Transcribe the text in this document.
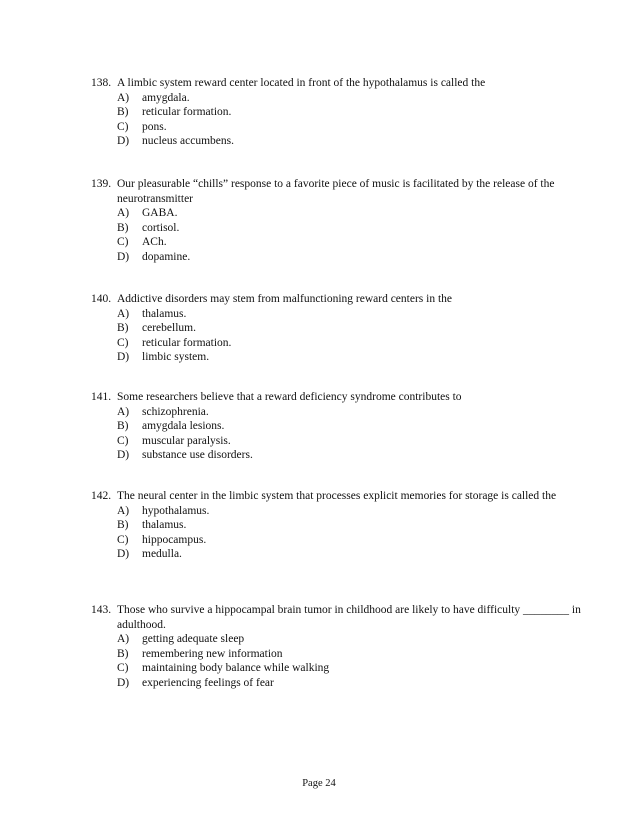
138. A limbic system reward center located in front of the hypothalamus is called the
A)	amygdala.
B)	reticular formation.
C)	pons.
D)	nucleus accumbens.
139. Our pleasurable “chills” response to a favorite piece of music is facilitated by the release of the neurotransmitter
A)	GABA.
B)	cortisol.
C)	ACh.
D)	dopamine.
140. Addictive disorders may stem from malfunctioning reward centers in the
A)	thalamus.
B)	cerebellum.
C)	reticular formation.
D)	limbic system.
141. Some researchers believe that a reward deficiency syndrome contributes to
A)	schizophrenia.
B)	amygdala lesions.
C)	muscular paralysis.
D)	substance use disorders.
142. The neural center in the limbic system that processes explicit memories for storage is called the
A)	hypothalamus.
B)	thalamus.
C)	hippocampus.
D)	medulla.
143. Those who survive a hippocampal brain tumor in childhood are likely to have difficulty ________ in adulthood.
A)	getting adequate sleep
B)	remembering new information
C)	maintaining body balance while walking
D)	experiencing feelings of fear
Page 24
